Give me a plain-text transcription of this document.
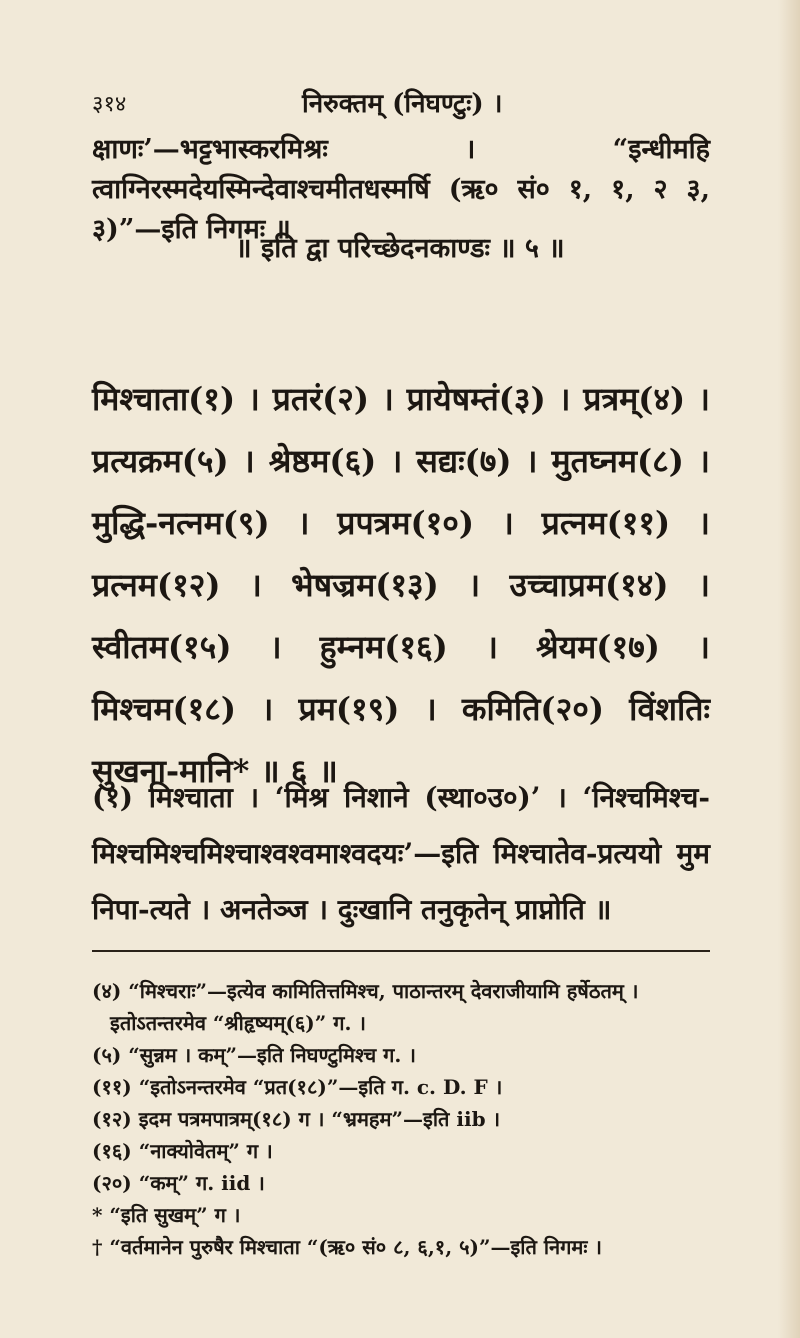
३१४	निरुक्तम् (निघण्टुः) ।

क्षाणः’—भट्टभास्करमिश्रः । “इन्धीमहि त्वाग्निरस्मदेयस्मिन्देवाश्चमीतधस्मर्षि (ऋ० सं० १, १, २ ३, ३)”—इति निगमः ॥

॥ इति द्वा परिच्छेदनकाण्डः ॥ ५ ॥

मिश्चाता(१) । प्रतरं(२) । प्रायेषम्तं(३) । प्रत्रम्(४) । प्रत्यक्रम(५) । श्रेष्ठम(६) । सद्यः(७) । मुतघ्नम(८) । मुद्धि-नत्नम(९) । प्रपत्रम(१०) । प्रत्नम(११) । प्रत्नम(१२) । भेषज्रम(१३) । उच्चाप्रम(१४) । स्वीतम(१५) । हुम्नम(१६) । श्रेयम(१७) । मिश्चम(१८) । प्रम(१९) । कमिति(२०) विंशतिः सुखना-मानि* ॥ ६ ॥

(१) मिश्चाता । ‘मिश्र निशाने (स्था०उ०)’ । ‘निश्चमिश्च-मिश्चमिश्चमिश्चाश्वश्वमाश्वदयः’—इति मिश्चातेव-प्रत्ययो मुम निपा-त्यते । अनतेञ्ज । दुःखानि तनुकृतेन् प्राप्नोति ॥

(४) “मिश्चराः”—इत्येव कामितित्तमिश्च, पाठान्तरम् देवराजीयामि हर्षेठतम् ।

इतोऽतन्तरमेव “श्रीहृष्यम्(६)” ग. ।

(५) “सुन्नम । कम्”—इति निघण्टुमिश्च ग. ।

(११) “इतोऽनन्तरमेव “प्रत(१८)”—इति ग. c. D. F ।

(१२) इदम पत्रमपात्रम्(१८) ग । “भ्रमहम”—इति iib ।

(१६) “नाक्योवेतम्” ग ।

(२०) “कम्” ग. iid ।

* “इति सुखम्” ग ।

† “वर्तमानेन पुरुषैर मिश्चाता “(ऋ० सं० ८, ६,१, ५)”—इति निगमः ।
